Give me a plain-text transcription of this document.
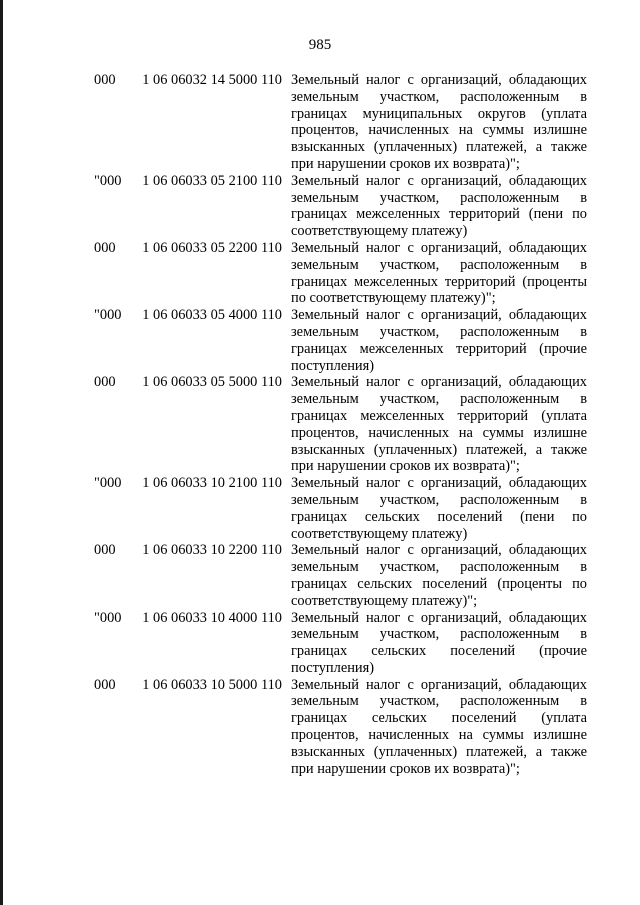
985
000	1 06 06032 14 5000 110 Земельный налог с организаций, обладающих земельным участком, расположенным в границах муниципальных округов (уплата процентов, начисленных на суммы излишне взысканных (уплаченных) платежей, а также при нарушении сроков их возврата)";
"000	1 06 06033 05 2100 110 Земельный налог с организаций, обладающих земельным участком, расположенным в границах межселенных территорий (пени по соответствующему платежу)
000	1 06 06033 05 2200 110 Земельный налог с организаций, обладающих земельным участком, расположенным в границах межселенных территорий (проценты по соответствующему платежу)";
"000	1 06 06033 05 4000 110 Земельный налог с организаций, обладающих земельным участком, расположенным в границах межселенных территорий (прочие поступления)
000	1 06 06033 05 5000 110 Земельный налог с организаций, обладающих земельным участком, расположенным в границах межселенных территорий (уплата процентов, начисленных на суммы излишне взысканных (уплаченных) платежей, а также при нарушении сроков их возврата)";
"000	1 06 06033 10 2100 110 Земельный налог с организаций, обладающих земельным участком, расположенным в границах сельских поселений (пени по соответствующему платежу)
000	1 06 06033 10 2200 110 Земельный налог с организаций, обладающих земельным участком, расположенным в границах сельских поселений (проценты по соответствующему платежу)";
"000	1 06 06033 10 4000 110 Земельный налог с организаций, обладающих земельным участком, расположенным в границах сельских поселений (прочие поступления)
000	1 06 06033 10 5000 110 Земельный налог с организаций, обладающих земельным участком, расположенным в границах сельских поселений (уплата процентов, начисленных на суммы излишне взысканных (уплаченных) платежей, а также при нарушении сроков их возврата)";
